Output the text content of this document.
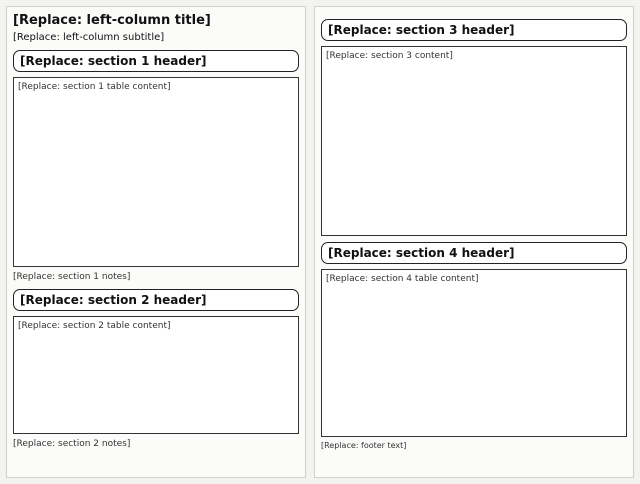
[Replace: left-column title]
[Replace: left-column subtitle]
[Replace: section 1 header]
[Replace: section 1 table content]
[Replace: section 1 notes]
[Replace: section 2 header]
[Replace: section 2 table content]
[Replace: section 2 notes]
[Replace: section 3 header]
[Replace: section 3 content]
[Replace: section 4 header]
[Replace: section 4 table content]
[Replace: footer text]
